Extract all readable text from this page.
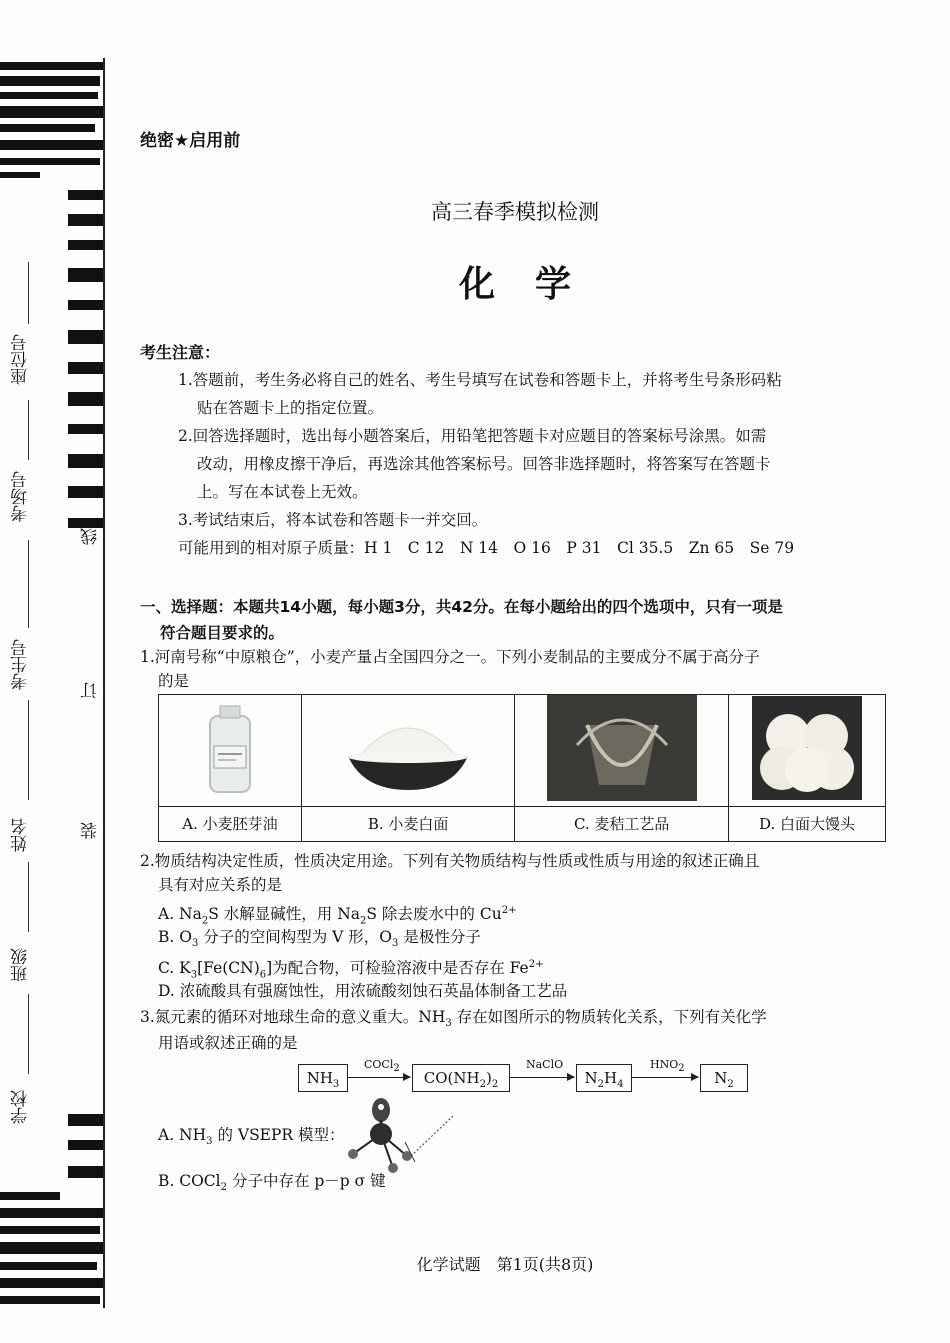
座位号
考场号
考生号
姓名
班级
学校
线
订
装
绝密★启用前
高三春季模拟检测
化学
考生注意：
1.答题前，考生务必将自己的姓名、考生号填写在试卷和答题卡上，并将考生号条形码粘
贴在答题卡上的指定位置。
2.回答选择题时，选出每小题答案后，用铅笔把答题卡对应题目的答案标号涂黑。如需
改动，用橡皮擦干净后，再选涂其他答案标号。回答非选择题时，将答案写在答题卡
上。写在本试卷上无效。
3.考试结束后，将本试卷和答题卡一并交回。
可能用到的相对原子质量：H 1　C 12　N 14　O 16　P 31　Cl 35.5　Zn 65　Se 79
一、选择题：本题共14小题，每小题3分，共42分。在每小题给出的四个选项中，只有一项是
符合题目要求的。
1.河南号称“中原粮仓”，小麦产量占全国四分之一。下列小麦制品的主要成分不属于高分子
的是

A. 小麦胚芽油	B. 小麦白面	C. 麦秸工艺品	D. 白面大馒头
2.物质结构决定性质，性质决定用途。下列有关物质结构与性质或性质与用途的叙述正确且
具有对应关系的是
A. $Na_2S$ 水解显碱性，用 $Na_2S$ 除去废水中的 $Cu^{2+}$
B. $O_3$ 分子的空间构型为 V 形，$O_3$ 是极性分子
C. $K_3[Fe(CN)_6]$为配合物，可检验溶液中是否存在 $Fe^{2+}$
D. 浓硫酸具有强腐蚀性，用浓硫酸刻蚀石英晶体制备工艺品
3.氮元素的循环对地球生命的意义重大。$NH_3$ 存在如图所示的物质转化关系，下列有关化学
用语或叙述正确的是
$NH_3$
COCl$_2$
$CO(NH_2)_2$
NaClO
$N_2H_4$
$HNO_2$
$N_2$
A. $NH_3$ 的 VSEPR 模型：
B. COCl$_2$ 分子中存在 p－p σ 键
化学试题　第1页(共8页)
